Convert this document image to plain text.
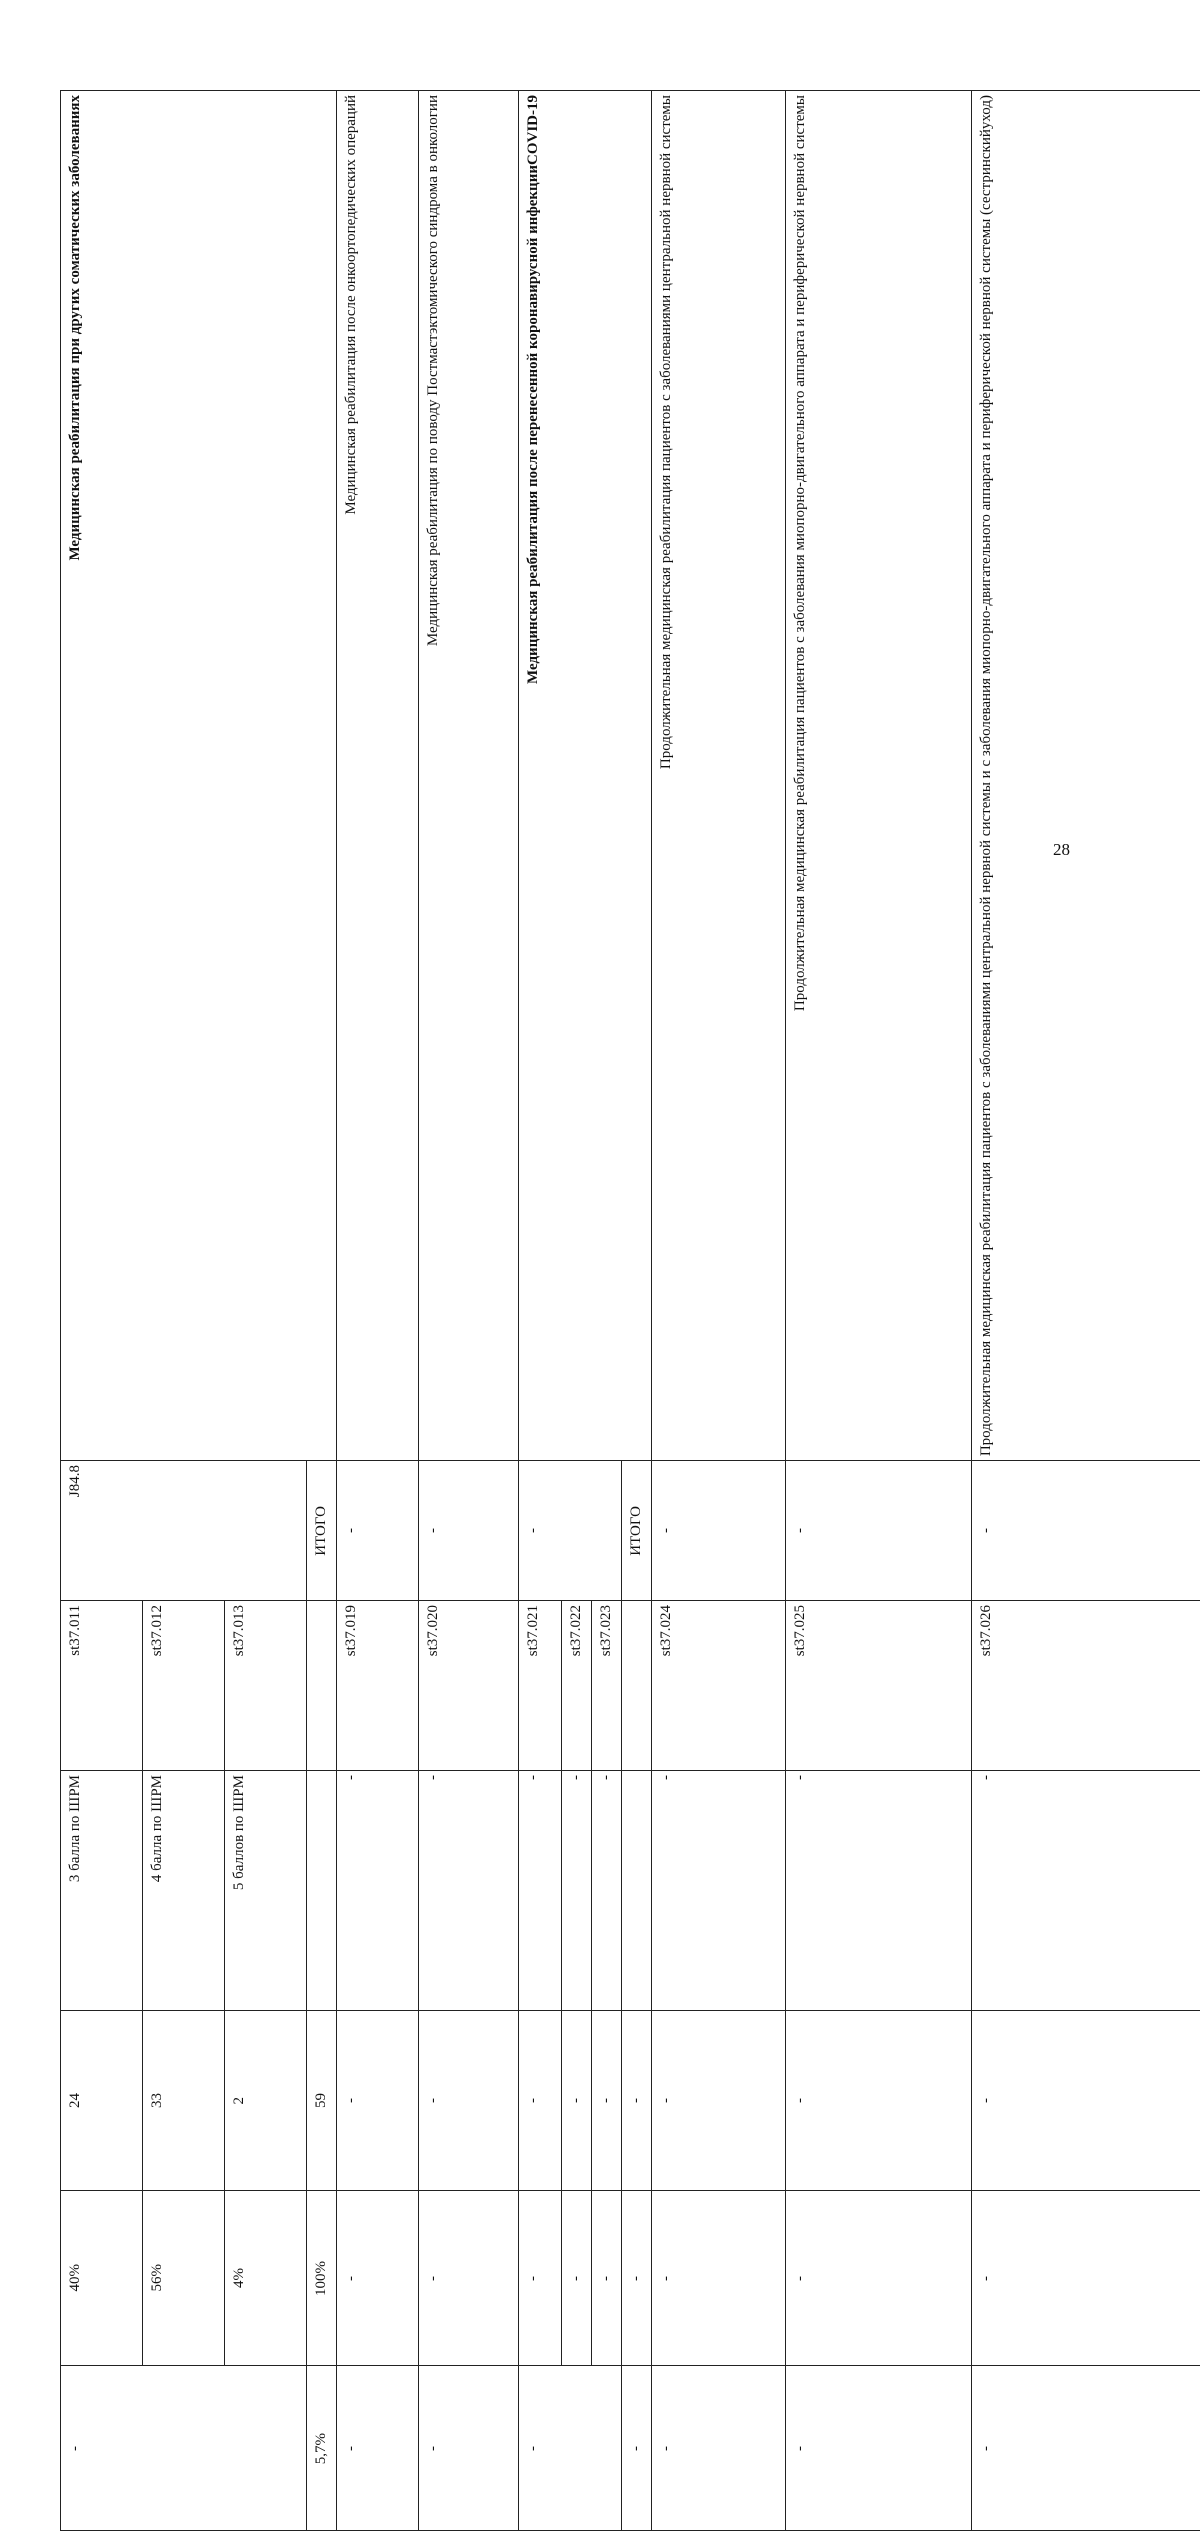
Медицинская реабилитация при других соматических заболеваниях				Медицинская реабилитация после онкоортопедических операций	Медицинская реабилитация по поводу Постмастэктомического синдрома в онкологии	Медицинская реабилитация после перенесенной коронавирусной инфекцииCOVID-19				Продолжительная медицинская реабилитация пациентов с заболеваниями центральной нервной системы	Продолжительная медицинская реабилитация пациентов с заболевания миопорно-двигательного аппарата и периферической нервной системы	Продолжительная медицинская реабилитация пациентов с заболеваниями центральной нервной системы и с заболевания миопорно-двигательного аппарата и периферической нервной системы (сестринскийуход)

J84.8			ИТОГО	-	-	-			ИТОГО	-	-	-	

st37.011	st37.012	st37.013		st37.019	st37.020	st37.021	st37.022	st37.023		st37.024	st37.025	st37.026	

3 балла по ШРМ	4 балла по ШРМ	5 баллов по ШРМ		-	-	-	-	-		-	-	-	

24	33	2	59	-	-	-	-	-	-	-	-	-

40%	56%	4%	100%	-	-	-	-	-	-	-	-	-

-			5,7%	-	-	-			-	-	-	-

28
